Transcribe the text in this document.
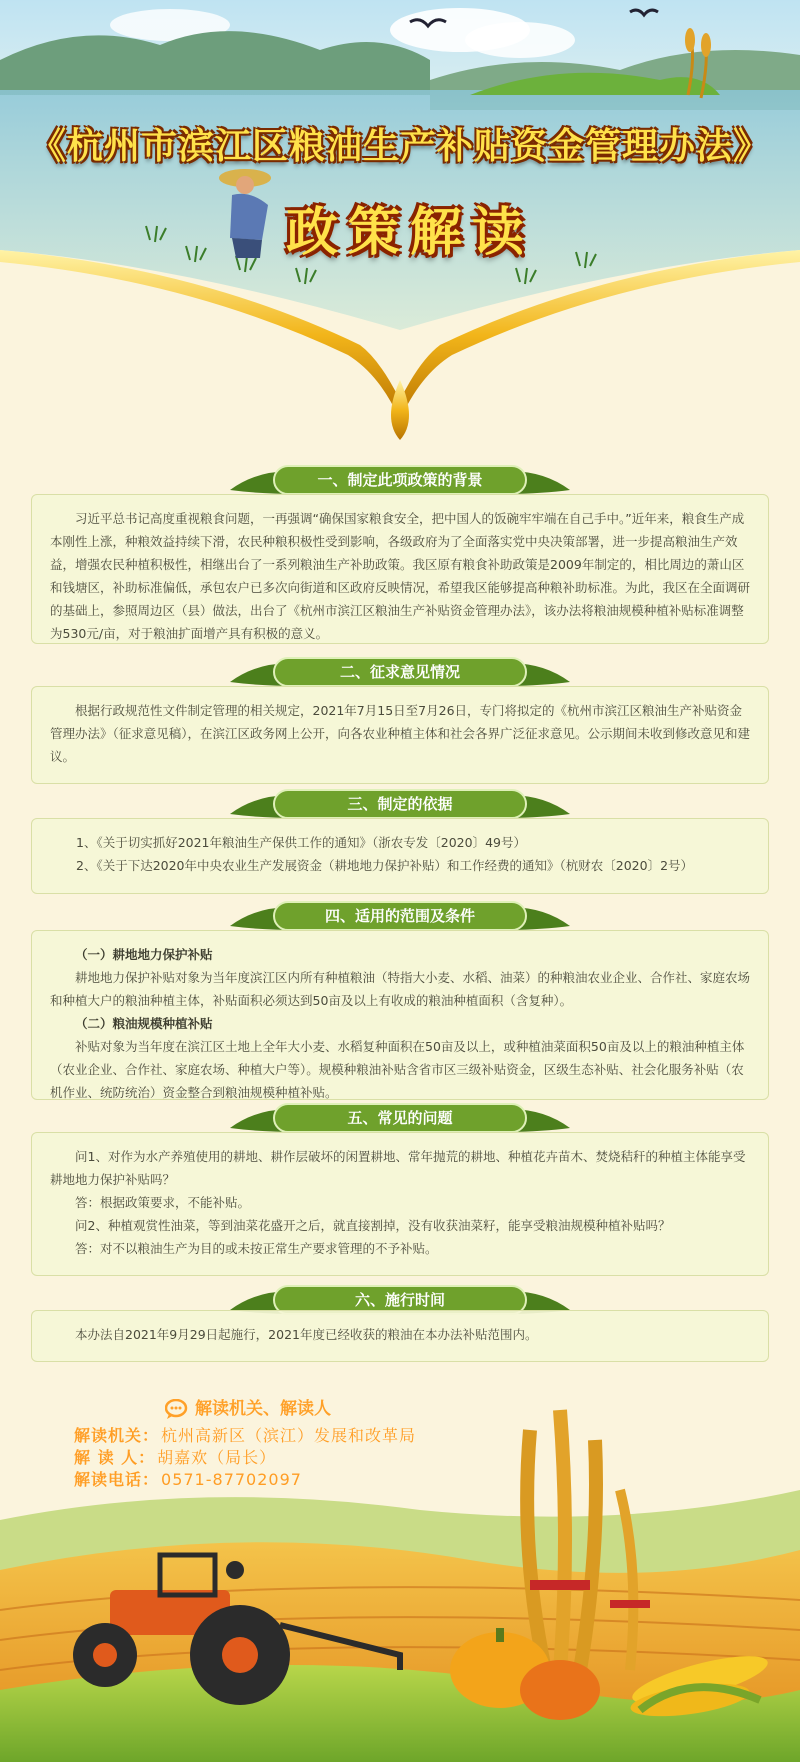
《杭州市滨江区粮油生产补贴资金管理办法》
政策解读
一、制定此项政策的背景

习近平总书记高度重视粮食问题，一再强调“确保国家粮食安全，把中国人的饭碗牢牢端在自己手中。”近年来，粮食生产成本刚性上涨，种粮效益持续下滑，农民种粮积极性受到影响，各级政府为了全面落实党中央决策部署，进一步提高粮油生产效益，增强农民种植积极性，相继出台了一系列粮油生产补助政策。我区原有粮食补助政策是2009年制定的，相比周边的萧山区和钱塘区，补助标准偏低，承包农户已多次向街道和区政府反映情况，希望我区能够提高种粮补助标准。为此，我区在全面调研的基础上，参照周边区（县）做法，出台了《杭州市滨江区粮油生产补贴资金管理办法》，该办法将粮油规模种植补贴标准调整为530元/亩，对于粮油扩面增产具有积极的意义。

二、征求意见情况

根据行政规范性文件制定管理的相关规定，2021年7月15日至7月26日，专门将拟定的《杭州市滨江区粮油生产补贴资金管理办法》（征求意见稿），在滨江区政务网上公开，向各农业种植主体和社会各界广泛征求意见。公示期间未收到修改意见和建议。

三、制定的依据

1、《关于切实抓好2021年粮油生产保供工作的通知》（浙农专发〔2020〕49号）

2、《关于下达2020年中央农业生产发展资金（耕地地力保护补贴）和工作经费的通知》（杭财农〔2020〕2号）

四、适用的范围及条件

（一）耕地地力保护补贴

耕地地力保护补贴对象为当年度滨江区内所有种植粮油（特指大小麦、水稻、油菜）的种粮油农业企业、合作社、家庭农场和种植大户的粮油种植主体，补贴面积必须达到50亩及以上有收成的粮油种植面积（含复种）。

（二）粮油规模种植补贴

补贴对象为当年度在滨江区土地上全年大小麦、水稻复种面积在50亩及以上，或种植油菜面积50亩及以上的粮油种植主体（农业企业、合作社、家庭农场、种植大户等）。规模种粮油补贴含省市区三级补贴资金，区级生态补贴、社会化服务补贴（农机作业、统防统治）资金整合到粮油规模种植补贴。

五、常见的问题

问1、对作为水产养殖使用的耕地、耕作层破坏的闲置耕地、常年抛荒的耕地、种植花卉苗木、焚烧秸秆的种植主体能享受耕地地力保护补贴吗？

答：根据政策要求，不能补贴。

问2、种植观赏性油菜，等到油菜花盛开之后，就直接割掉，没有收获油菜籽，能享受粮油规模种植补贴吗？

答：对不以粮油生产为目的或未按正常生产要求管理的不予补贴。

六、施行时间

本办法自2021年9月29日起施行，2021年度已经收获的粮油在本办法补贴范围内。

解读机关、解读人
解读机关： 杭州高新区（滨江）发展和改革局
解 读 人： 胡嘉欢（局长）
解读电话： 0571-87702097
